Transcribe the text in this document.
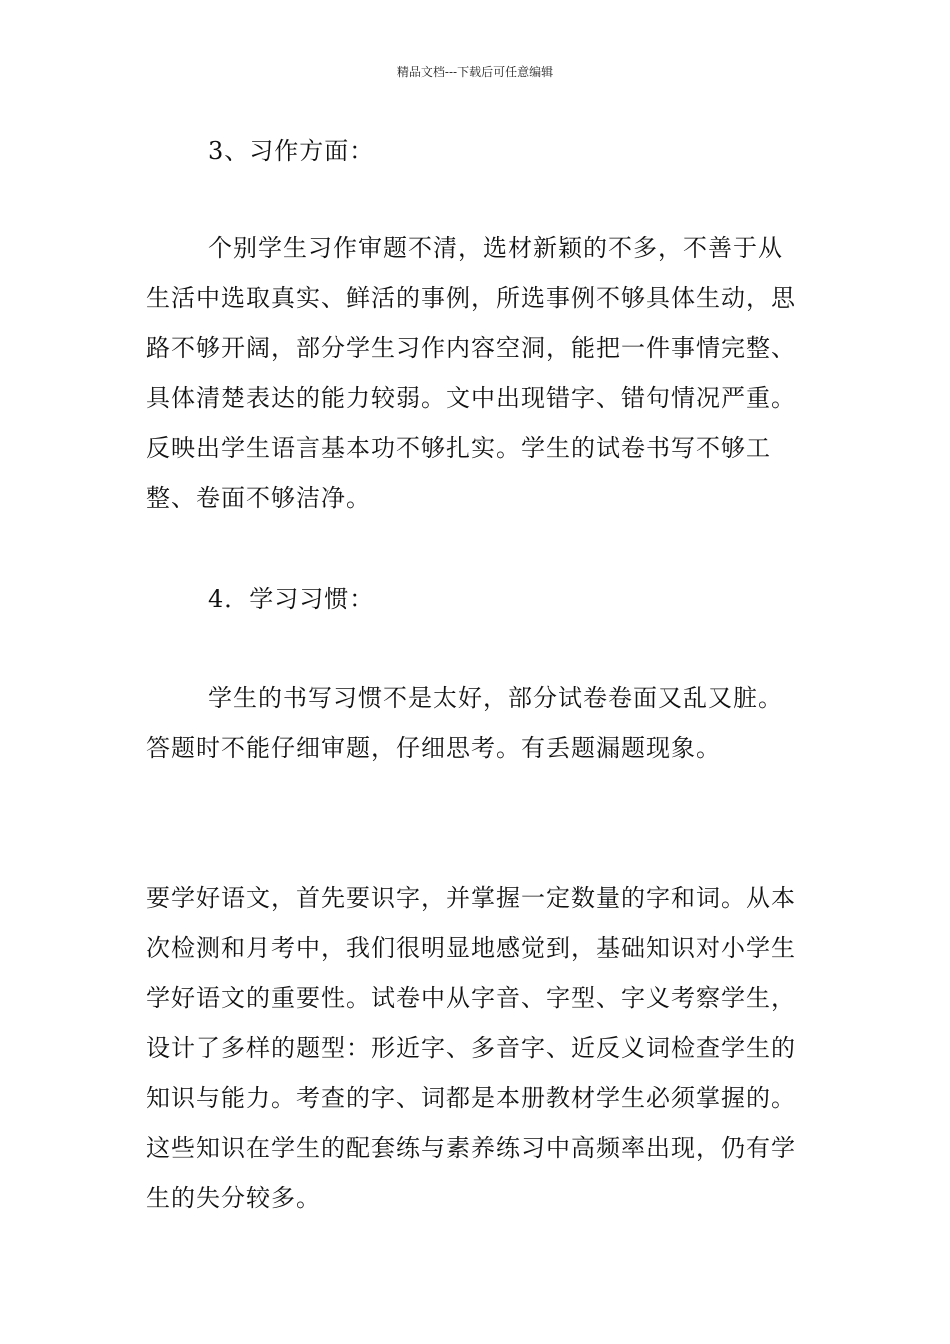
精品文档---下载后可任意编辑

3、习作方面：

个别学生习作审题不清，选材新颖的不多，不善于从生活中选取真实、鲜活的事例，所选事例不够具体生动，思路不够开阔，部分学生习作内容空洞，能把一件事情完整、具体清楚表达的能力较弱。文中出现错字、错句情况严重。反映出学生语言基本功不够扎实。学生的试卷书写不够工整、卷面不够洁净。

4．学习习惯：

学生的书写习惯不是太好，部分试卷卷面又乱又脏。答题时不能仔细审题，仔细思考。有丢题漏题现象。

要学好语文，首先要识字，并掌握一定数量的字和词。从本次检测和月考中，我们很明显地感觉到，基础知识对小学生学好语文的重要性。试卷中从字音、字型、字义考察学生，设计了多样的题型：形近字、多音字、近反义词检查学生的知识与能力。考查的字、词都是本册教材学生必须掌握的。这些知识在学生的配套练与素养练习中高频率出现，仍有学生的失分较多。
